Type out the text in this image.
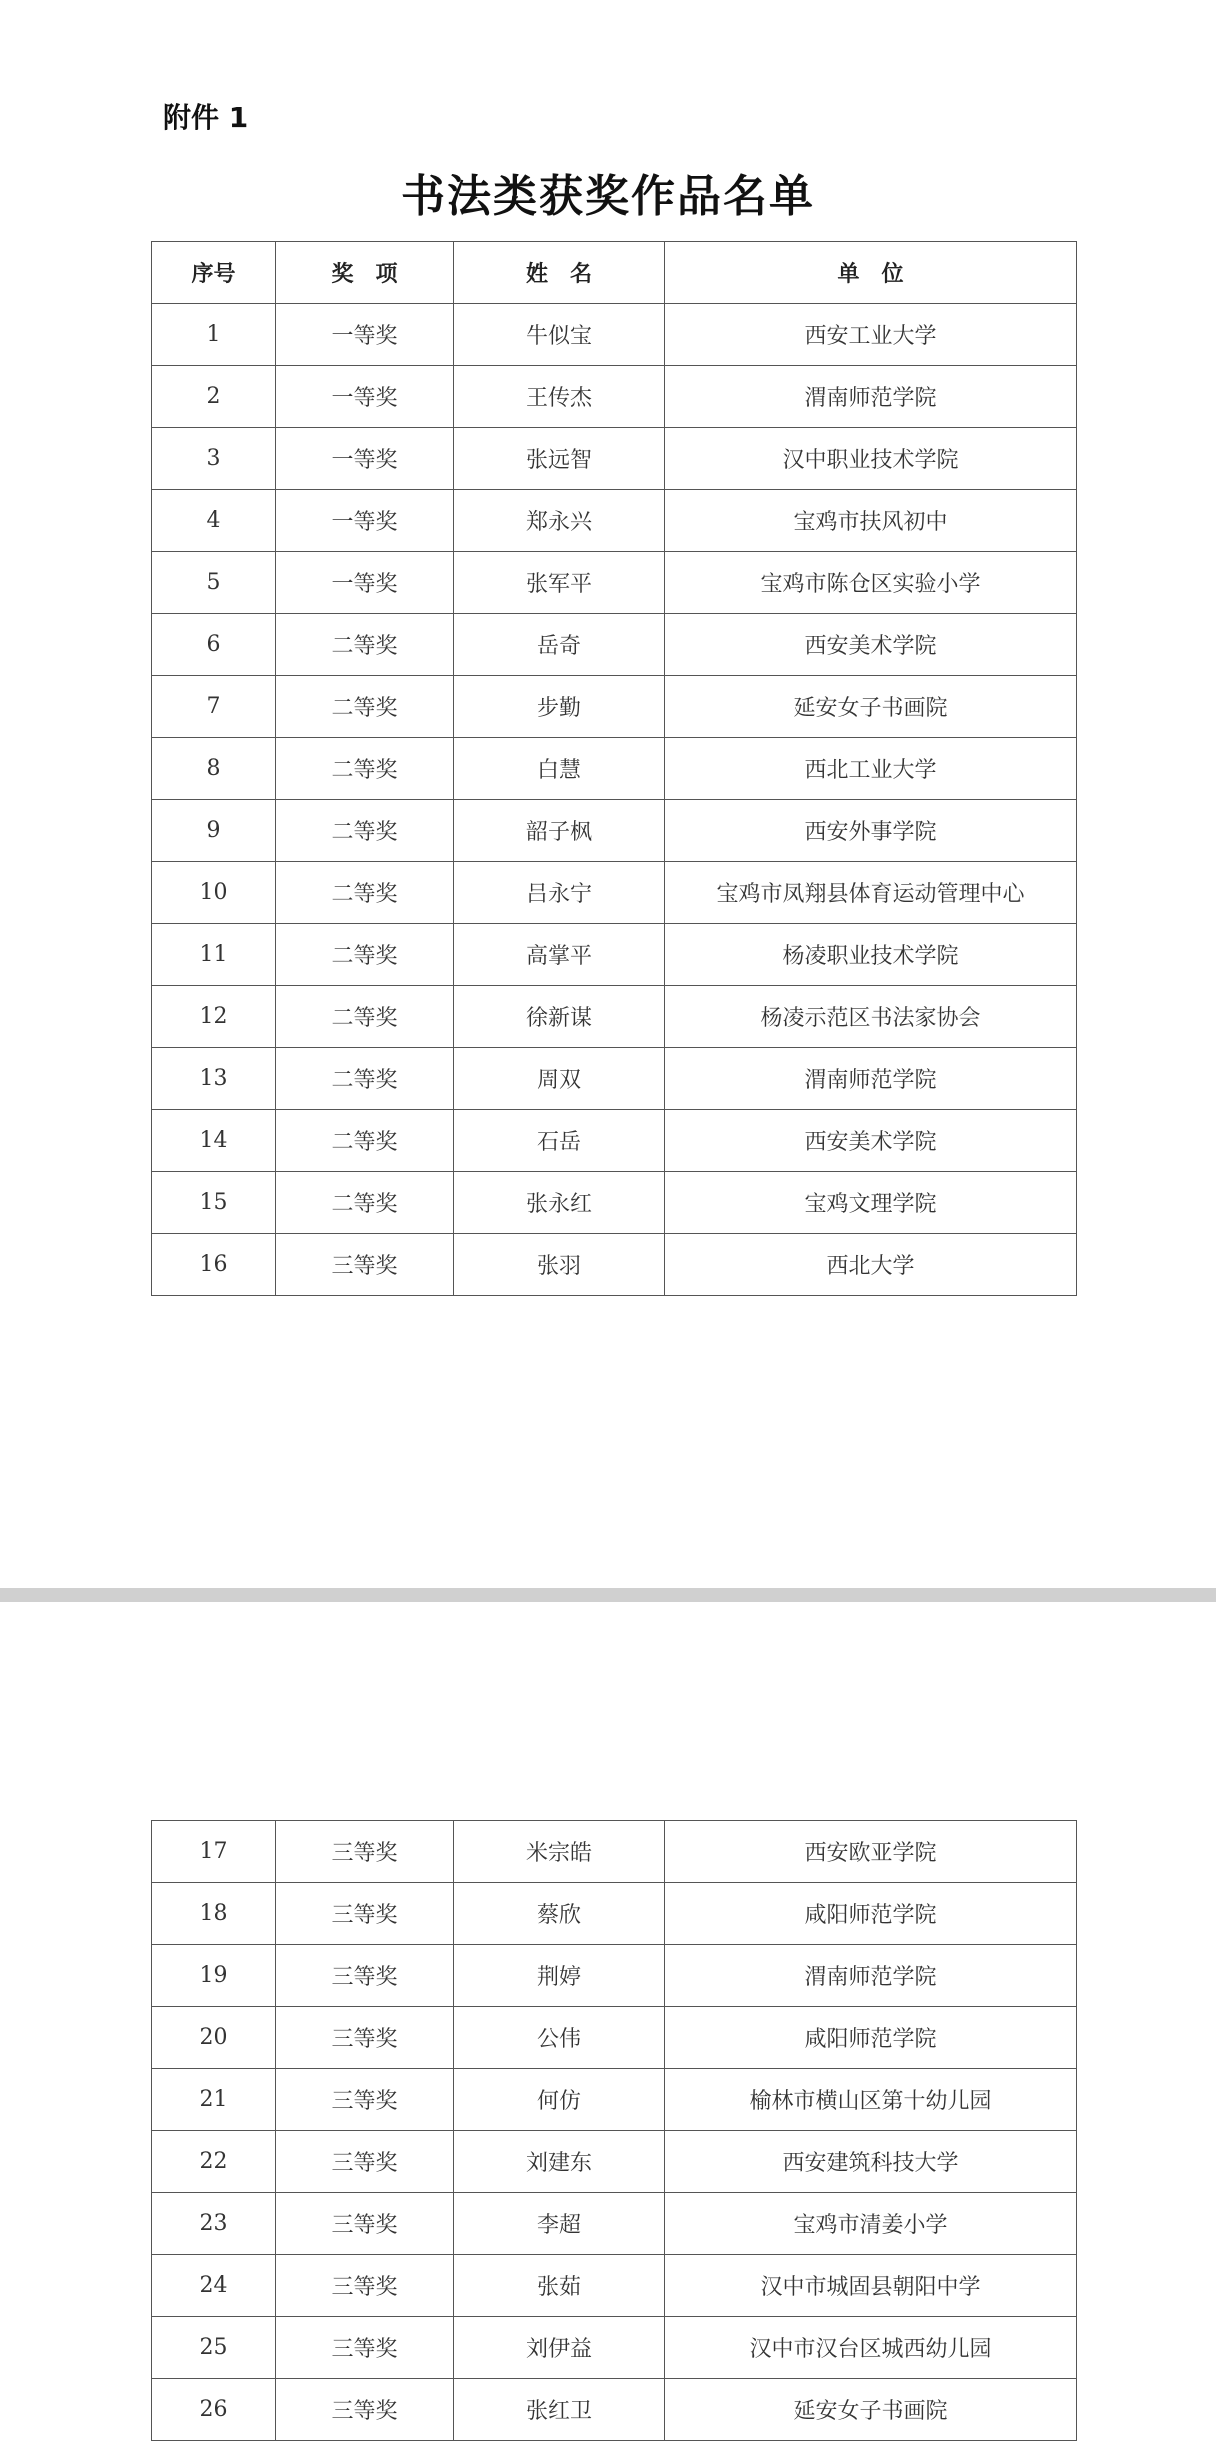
附件 1
书法类获奖作品名单
序号	奖　项	姓　名	单　位
1	一等奖	牛似宝	西安工业大学
2	一等奖	王传杰	渭南师范学院
3	一等奖	张远智	汉中职业技术学院
4	一等奖	郑永兴	宝鸡市扶风初中
5	一等奖	张军平	宝鸡市陈仓区实验小学
6	二等奖	岳奇	西安美术学院
7	二等奖	步勤	延安女子书画院
8	二等奖	白慧	西北工业大学
9	二等奖	韶子枫	西安外事学院
10	二等奖	吕永宁	宝鸡市凤翔县体育运动管理中心
11	二等奖	高掌平	杨凌职业技术学院
12	二等奖	徐新谋	杨凌示范区书法家协会
13	二等奖	周双	渭南师范学院
14	二等奖	石岳	西安美术学院
15	二等奖	张永红	宝鸡文理学院
16	三等奖	张羽	西北大学
17	三等奖	米宗皓	西安欧亚学院
18	三等奖	蔡欣	咸阳师范学院
19	三等奖	荆婷	渭南师范学院
20	三等奖	公伟	咸阳师范学院
21	三等奖	何仿	榆林市横山区第十幼儿园
22	三等奖	刘建东	西安建筑科技大学
23	三等奖	李超	宝鸡市清姜小学
24	三等奖	张茹	汉中市城固县朝阳中学
25	三等奖	刘伊益	汉中市汉台区城西幼儿园
26	三等奖	张红卫	延安女子书画院
